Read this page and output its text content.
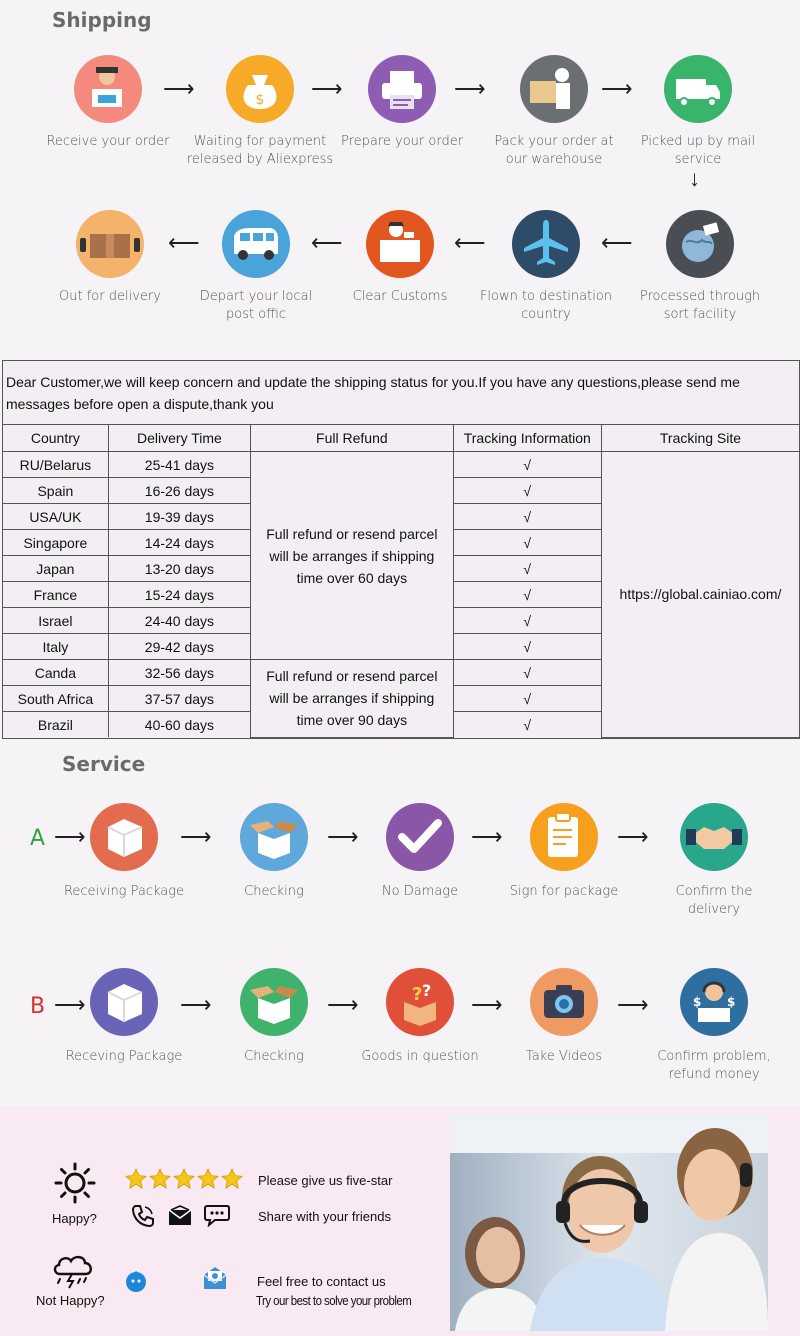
Shipping
Receive your order
$
Waiting for payment released by Aliexpress
Prepare your order	Pack your order at our warehouse
Picked up by mail service
Processed through sort facility
Flown to destination country
Clear Customs
Depart your local post offic
Out for delivery
⟶	⟶	⟶	⟶
↓
⟵
⟵
⟵
⟵
Dear Customer,we will keep concern and update the shipping status for you.If you have any questions,please send me messages before open a dispute,thank you
Country	Delivery Time	Full Refund	Tracking Information	Tracking Site
RU/Belarus	25-41 days	Full refund or resend parcel will be arranges if shipping time over 60 days	√	https://global.cainiao.com/
Spain	16-26 days		√	
USA/UK	19-39 days		√	
Singapore	14-24 days		√	
Japan	13-20 days		√	
France	15-24 days		√	
Israel	24-40 days		√	
Italy	29-42 days		√	
Canda	32-56 days	Full refund or resend parcel will be arranges if shipping time over 90 days	√	
South Africa	37-57 days		√	
Brazil	40-60 days		√	
Service
A ⟶
B ⟶
Receiving Package	Checking	No Damage	Sign for package	Confirm the delivery
Receving Package	Checking
? ?
Goods in question	Take Videos
$ $
Confirm problem, refund money
⟶	⟶	⟶	⟶
⟶	⟶	⟶	⟶
Happy?
Please give us five-star
Share with your friends
Not Happy?
Feel free to contact us
Try our best to solve your problem
